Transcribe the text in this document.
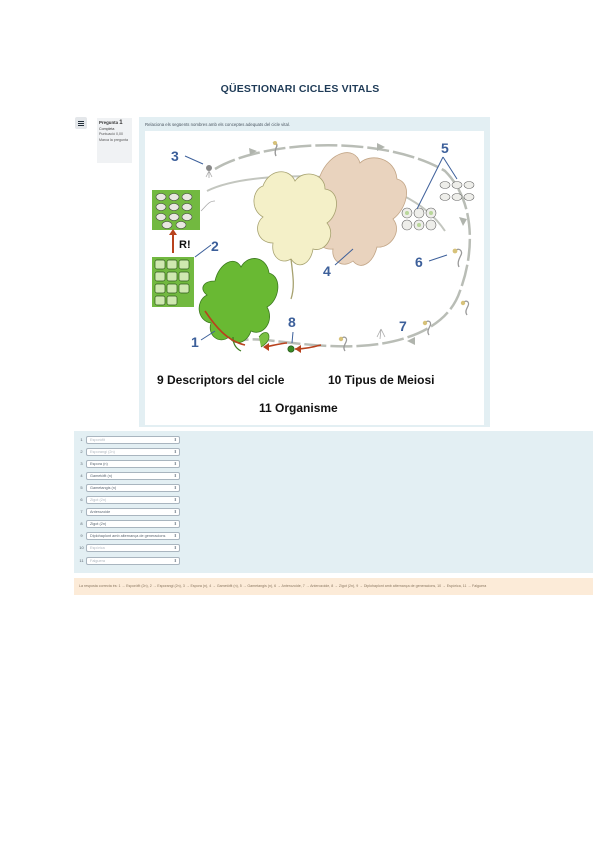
QÜESTIONARI CICLES VITALS
Pregunta 1
Completa
Puntuació 0,00
Marca la pregunta
Relaciona els següents nombres amb els conceptes adequats del cicle vital.
R!
1
2
3
4
5
6
7
8
9 Descriptors del cicle	10 Tipus de Meiosi
11 Organisme
1	Esporòfit	⬍
2	Esporangi (2n)	⬍
3	Espora (n)	⬍
4	Gametòfit (n)	⬍
5	Gametangis (n)	⬍
6	Zigot (2n)	⬍
7	Anterozoide	⬍
8	Zigot (2n)	⬍
9	Diplohaplont amb alternança de generacions ⬍
10	Espòrica	⬍
11	Falguera	⬍
La resposta correcta és: 1 → Esporòfit (2n), 2 → Esporangi (2n), 3 → Espora (n), 4 → Gametòfit (n), 5 → Gametangis (n), 6 → Anterozoide, 7 → Anterozoide, 8 → Zigot (2n), 9 → Diplohaplont amb alternança de generacions, 10 → Espòrica, 11 → Falguera
